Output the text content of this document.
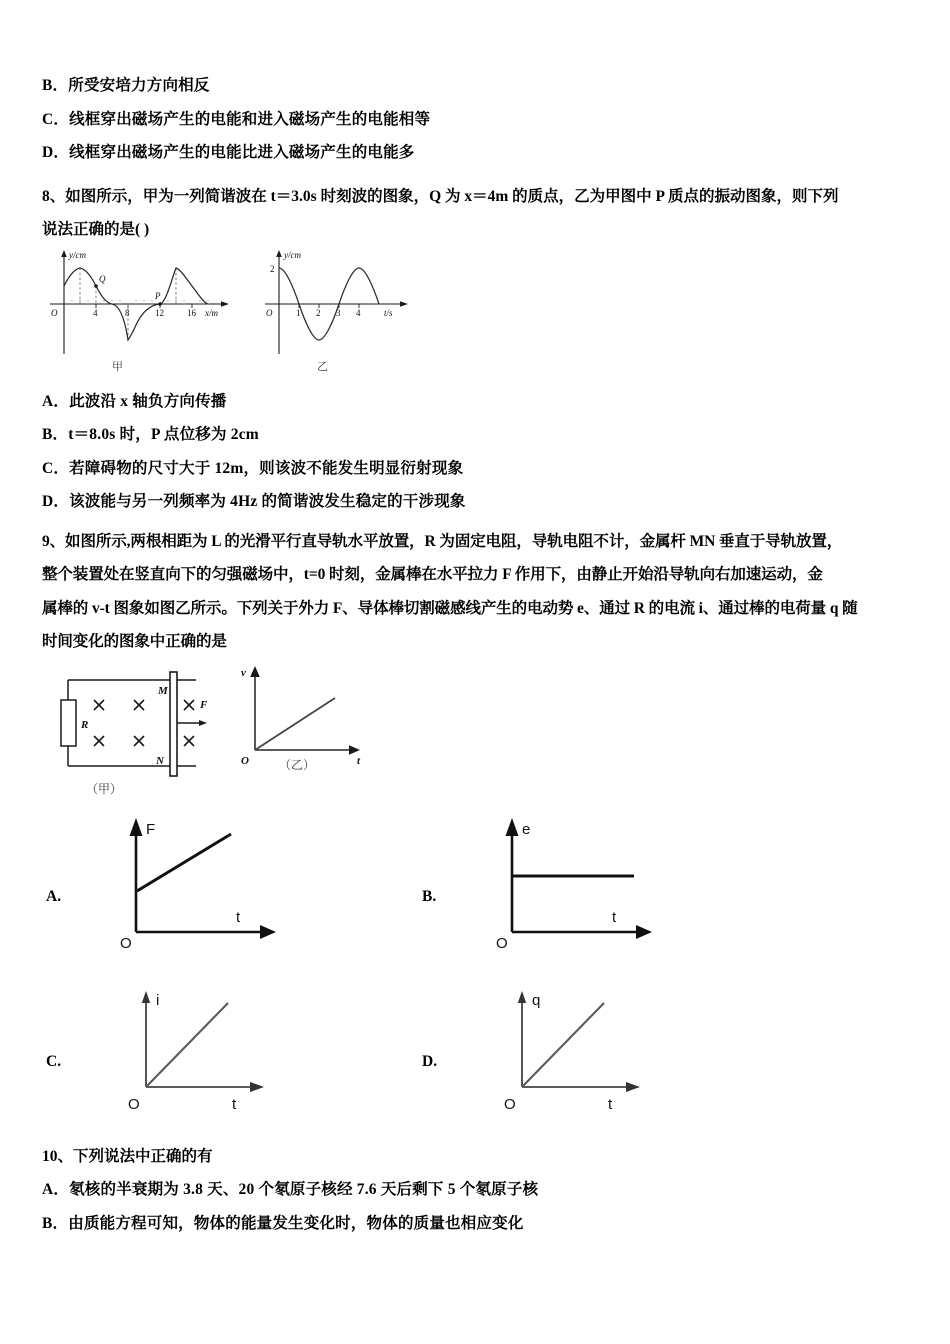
B．所受安培力方向相反
C．线框穿出磁场产生的电能和进入磁场产生的电能相等
D．线框穿出磁场产生的电能比进入磁场产生的电能多
8、如图所示，甲为一列简谐波在 t＝3.0s 时刻波的图象，Q 为 x＝4m 的质点，乙为甲图中 P 质点的振动图象，则下列
说法正确的是( )
y/cm
x/m
O	4	8	12	16
Q
P
甲
y/cm
t/s
O
2
1 2 3 4
乙
A．此波沿 x 轴负方向传播
B．t＝8.0s 时，P 点位移为 2cm
C．若障碍物的尺寸大于 12m，则该波不能发生明显衍射现象
D．该波能与另一列频率为 4Hz 的简谐波发生稳定的干涉现象
9、如图所示,两根相距为 L 的光滑平行直导轨水平放置，R 为固定电阻，导轨电阻不计，金属杆 MN 垂直于导轨放置，
整个装置处在竖直向下的匀强磁场中，t=0 时刻，金属棒在水平拉力 F 作用下，由静止开始沿导轨向右加速运动，金
属棒的 v-t 图象如图乙所示。下列关于外力 F、导体棒切割磁感线产生的电动势 e、通过 R 的电流 i、通过棒的电荷量 q 随
时间变化的图象中正确的是
R
M
N
F
（甲）
v
t
O	（乙）
A.
F
t
O
B.
e
t
O
C.
i
t
O
D.
q
t
O
10、下列说法中正确的有
A．氡核的半衰期为 3.8 天、20 个氡原子核经 7.6 天后剩下 5 个氡原子核
B．由质能方程可知，物体的能量发生变化时，物体的质量也相应变化
